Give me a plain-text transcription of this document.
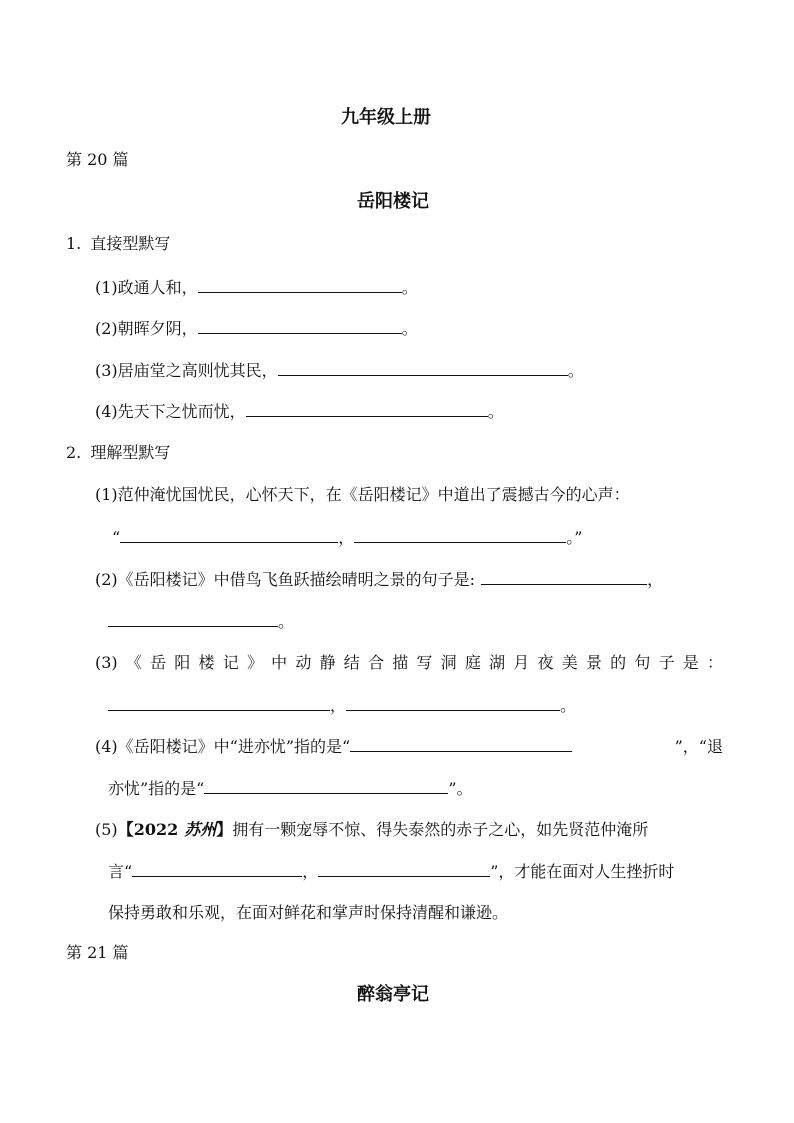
九年级上册
第 20 篇
岳阳楼记
1. 直接型默写
(1) 政通人和，	。
(2) 朝晖夕阴，	。
(3) 居庙堂之高则忧其民，	。
(4) 先天下之忧而忧，	。
2. 理解型默写
(1)范仲淹忧国忧民，心怀天下，在《岳阳楼记》中道出了震撼古今的心声：
“	，	。”
(2)《岳阳楼记》中借鸟飞鱼跃描绘晴明之景的句子是 :	，
。
(3)《岳阳楼记》中动静结合描写洞庭湖月夜美景的句子是：
，	。
(4)《岳阳楼记》中“进亦忧”指的是“	”，“退
亦忧”指的是“	”。
(5) 【 2022 苏州 】 拥有一颗宠辱不惊、得失泰然的赤子之心，如先贤范仲淹所
言“	，	”，才能在面对人生挫折时
保持勇敢和乐观，在面对鲜花和掌声时保持清醒和谦逊。
第 21 篇
醉翁亭记
